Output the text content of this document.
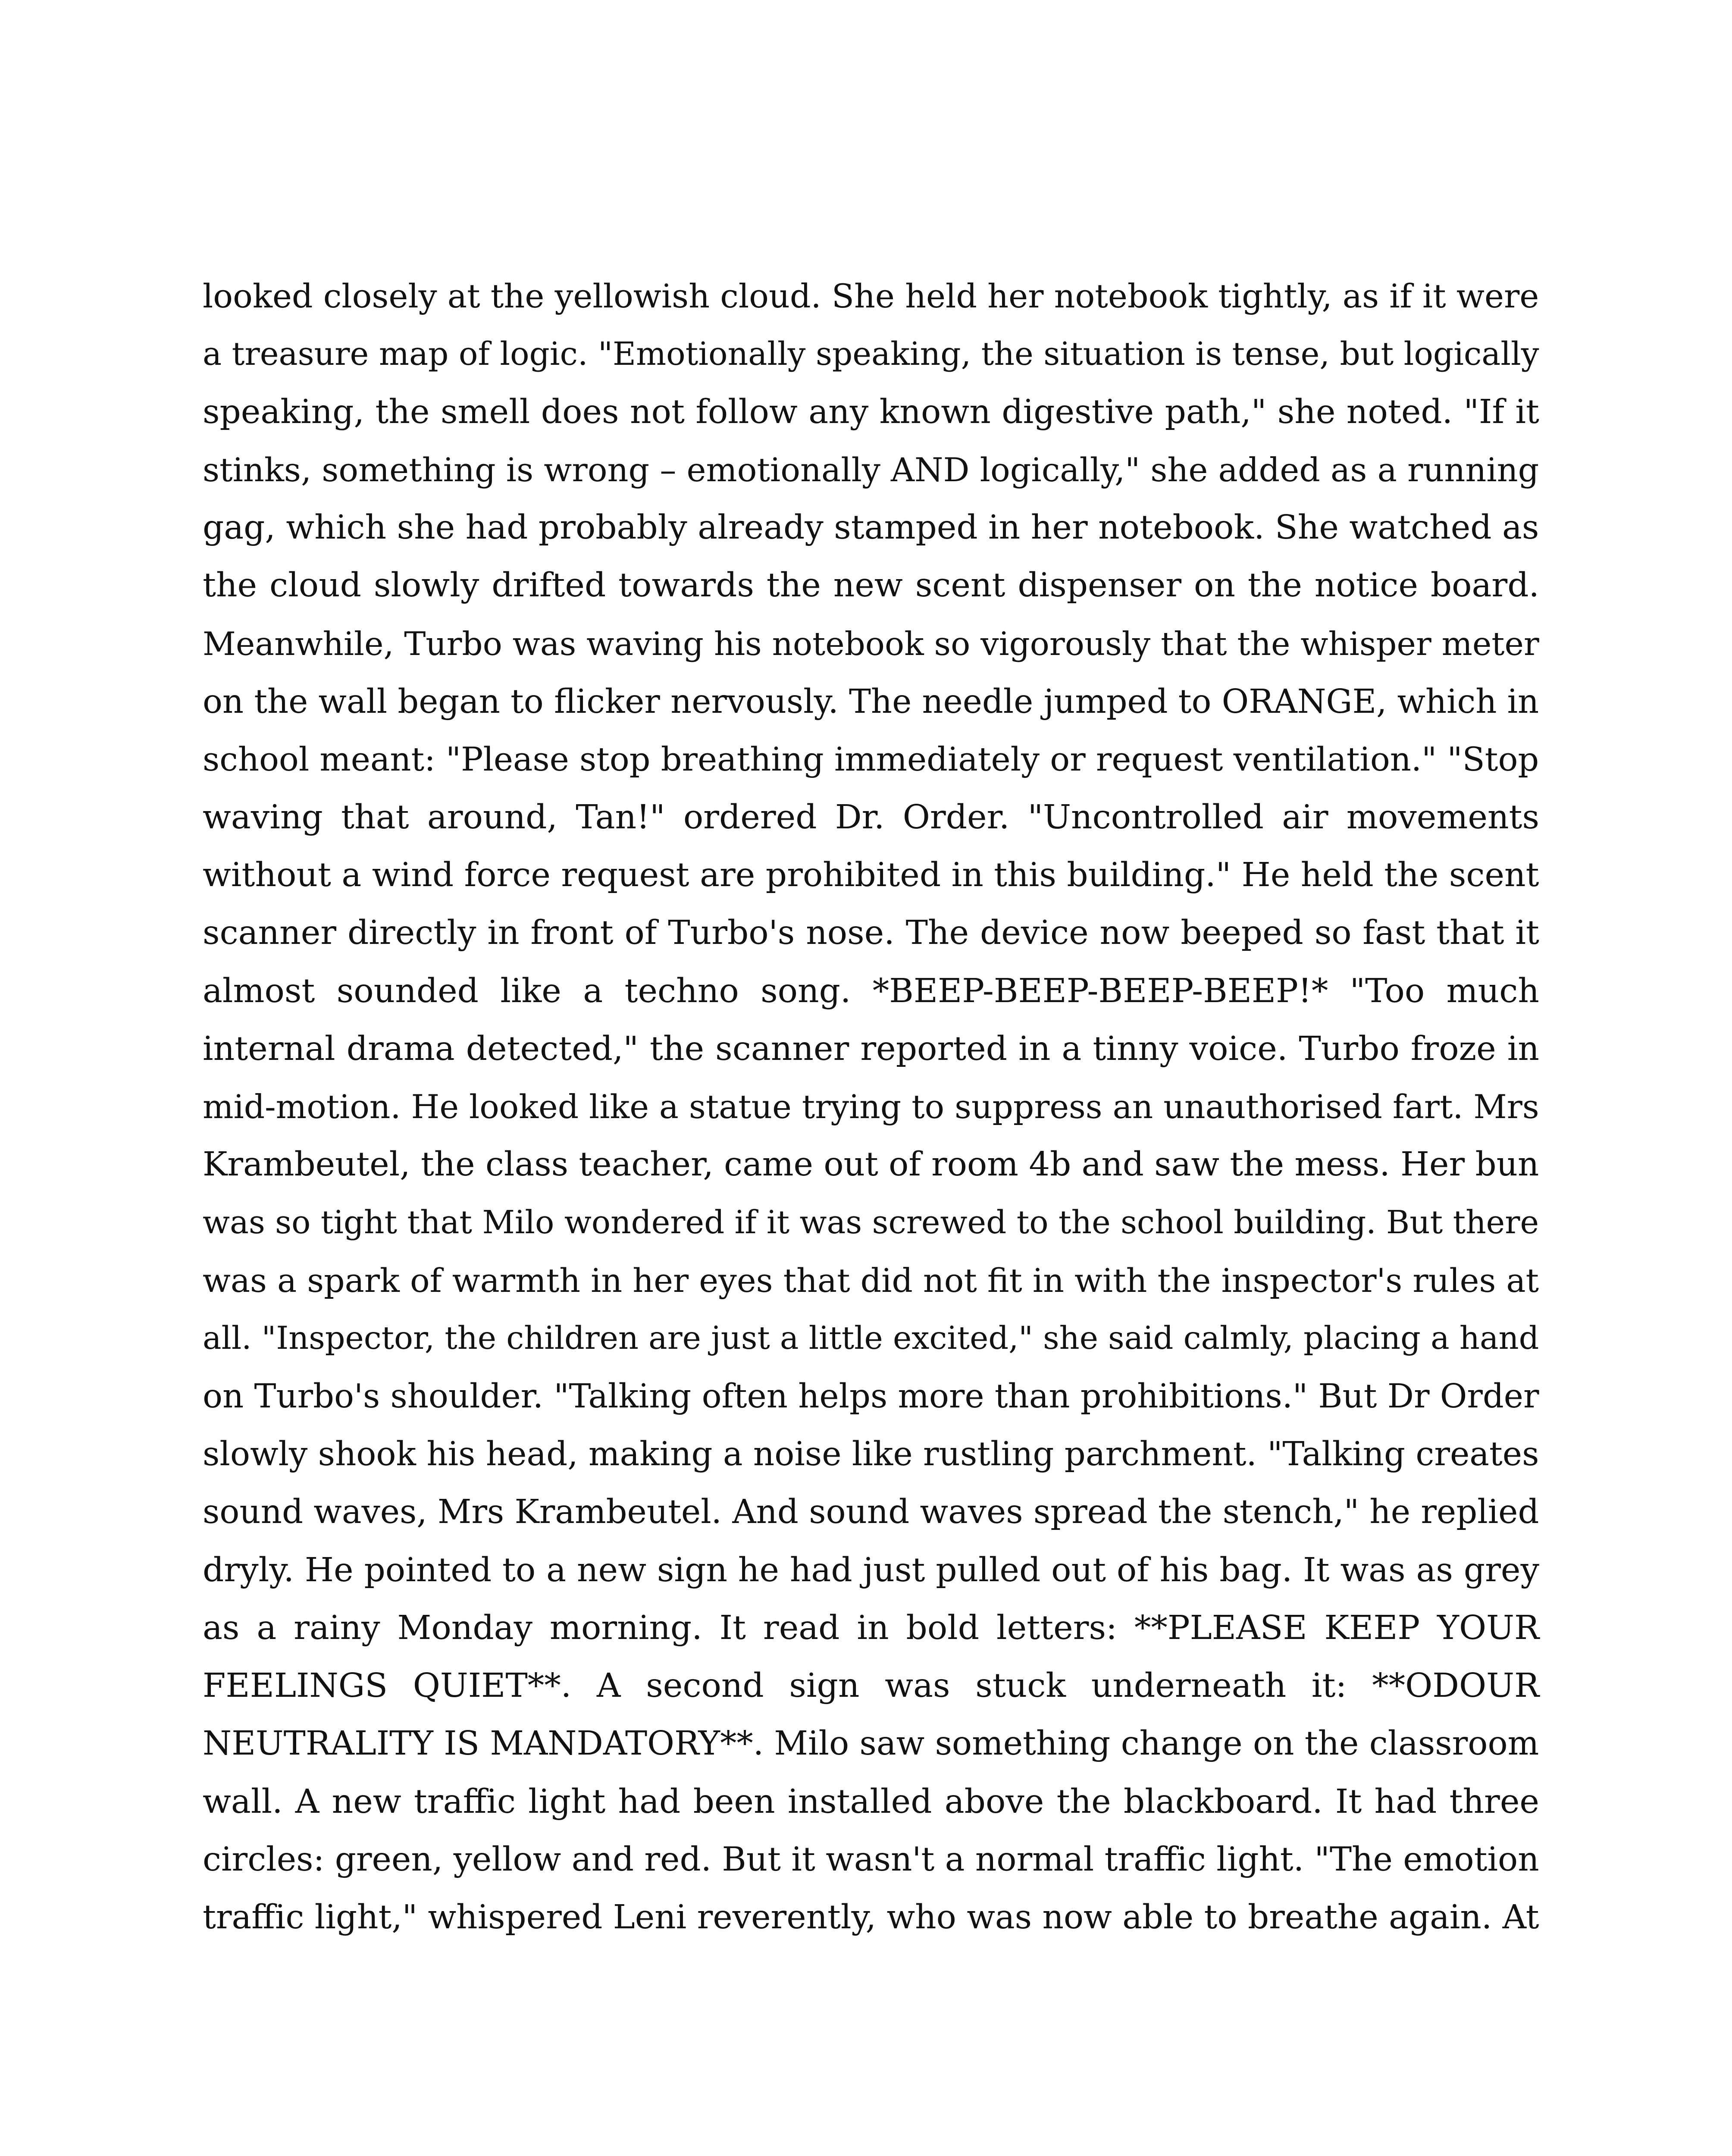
looked closely at the yellowish cloud. She held her notebook tightly, as if it were
a treasure map of logic. "Emotionally speaking, the situation is tense, but logically
speaking, the smell does not follow any known digestive path," she noted. "If it
stinks, something is wrong – emotionally AND logically," she added as a running
gag, which she had probably already stamped in her notebook. She watched as
the cloud slowly drifted towards the new scent dispenser on the notice board.
Meanwhile, Turbo was waving his notebook so vigorously that the whisper meter
on the wall began to flicker nervously. The needle jumped to ORANGE, which in
school meant: "Please stop breathing immediately or request ventilation." "Stop
waving that around, Tan!" ordered Dr. Order. "Uncontrolled air movements
without a wind force request are prohibited in this building." He held the scent
scanner directly in front of Turbo's nose. The device now beeped so fast that it
almost sounded like a techno song. *BEEP-BEEP-BEEP-BEEP!* "Too much
internal drama detected," the scanner reported in a tinny voice. Turbo froze in
mid-motion. He looked like a statue trying to suppress an unauthorised fart. Mrs
Krambeutel, the class teacher, came out of room 4b and saw the mess. Her bun
was so tight that Milo wondered if it was screwed to the school building. But there
was a spark of warmth in her eyes that did not fit in with the inspector's rules at
all. "Inspector, the children are just a little excited," she said calmly, placing a hand
on Turbo's shoulder. "Talking often helps more than prohibitions." But Dr Order
slowly shook his head, making a noise like rustling parchment. "Talking creates
sound waves, Mrs Krambeutel. And sound waves spread the stench," he replied
dryly. He pointed to a new sign he had just pulled out of his bag. It was as grey
as a rainy Monday morning. It read in bold letters: **PLEASE KEEP YOUR
FEELINGS QUIET**. A second sign was stuck underneath it: **ODOUR
NEUTRALITY IS MANDATORY**. Milo saw something change on the classroom
wall. A new traffic light had been installed above the blackboard. It had three
circles: green, yellow and red. But it wasn't a normal traffic light. "The emotion
traffic light," whispered Leni reverently, who was now able to breathe again. At
